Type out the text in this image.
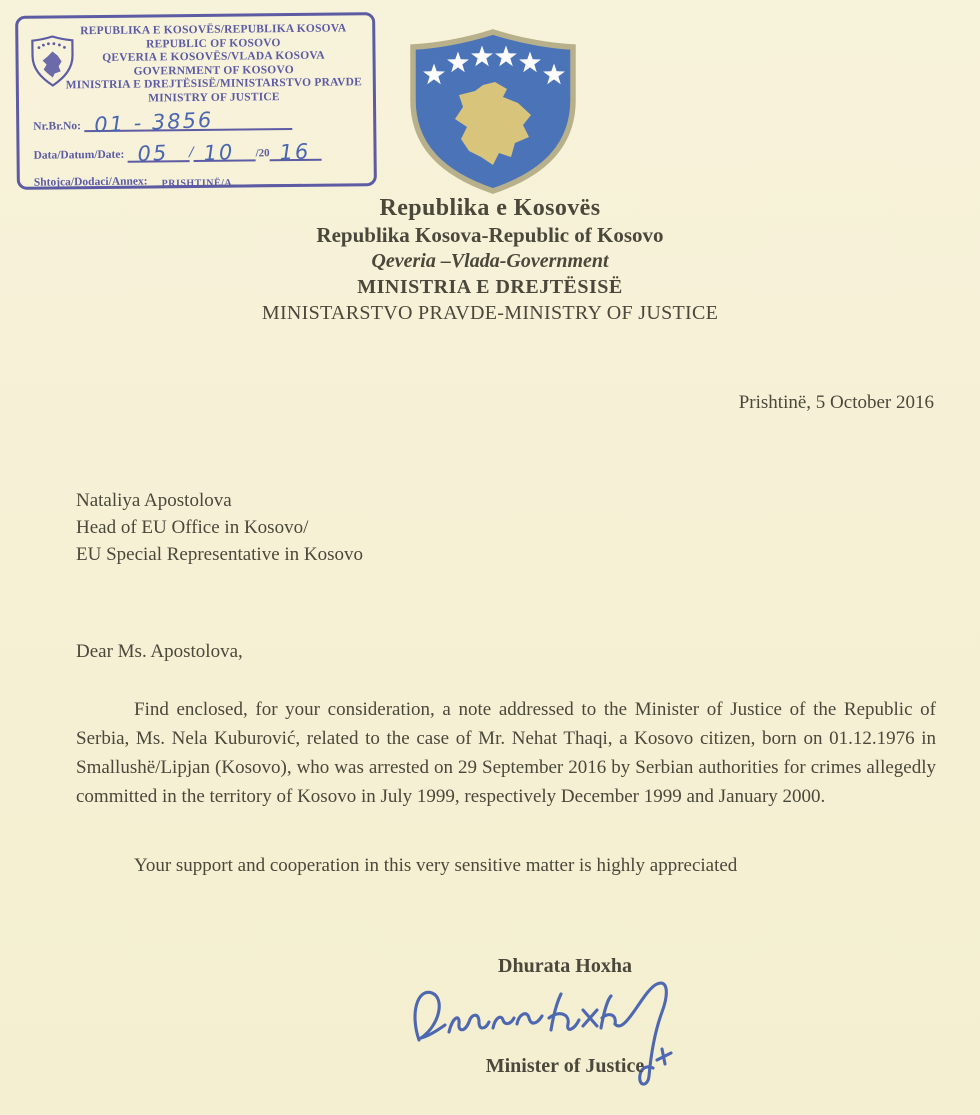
REPUBLIKA E KOSOVËS/REPUBLIKA KOSOVA
REPUBLIC OF KOSOVO
QEVERIA E KOSOVËS/VLADA KOSOVA
GOVERNMENT OF KOSOVO
MINISTRIA E DREJTËSISË/MINISTARSTVO PRAVDE
MINISTRY OF JUSTICE
Nr.Br.No: 01 - 3856
Data/Datum/Date: 05 / 10 /20 16
Shtojca/Dodaci/Annex:	PRISHTINË/A
Republika e Kosovës
Republika Kosova-Republic of Kosovo
Qeveria –Vlada-Government
MINISTRIA E DREJTËSISË
MINISTARSTVO PRAVDE-MINISTRY OF JUSTICE
Prishtinë, 5 October 2016
Nataliya Apostolova
Head of EU Office in Kosovo/
EU Special Representative in Kosovo
Dear Ms. Apostolova,

Find enclosed, for your consideration, a note addressed to the Minister of Justice of the Republic of Serbia, Ms. Nela Kuburović, related to the case of Mr. Nehat Thaqi, a Kosovo citizen, born on 01.12.1976 in Smallushë/Lipjan (Kosovo), who was arrested on 29 September 2016 by Serbian authorities for crimes allegedly committed in the territory of Kosovo in July 1999, respectively December 1999 and January 2000.

Your support and cooperation in this very sensitive matter is highly appreciated

Dhurata Hoxha
Minister of Justice
